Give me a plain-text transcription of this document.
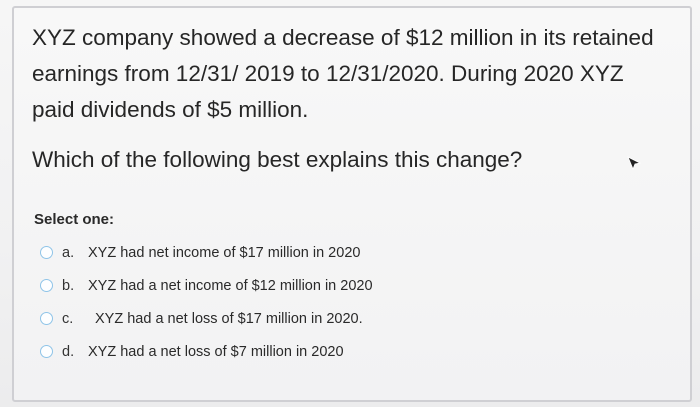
XYZ company showed a decrease of $12 million in its retained earnings from 12/31/ 2019 to 12/31/2020. During 2020 XYZ paid dividends of $5 million.

Which of the following best explains this change?

Select one:
a. XYZ had net income of $17 million in 2020
b. XYZ had a net income of $12 million in 2020
c.	XYZ had a net loss of $17 million in 2020.
d. XYZ had a net loss of $7 million in 2020
